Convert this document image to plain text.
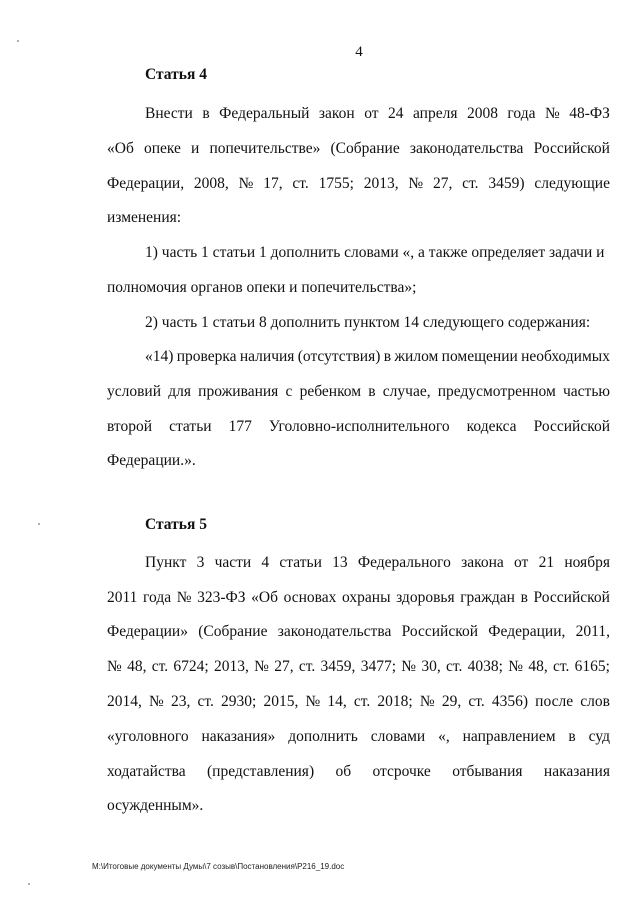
4
Статья 4
Внести в Федеральный закон от 24 апреля 2008 года № 48-ФЗ
«Об опеке и попечительстве» (Собрание законодательства Российской
Федерации, 2008, № 17, ст. 1755; 2013, № 27, ст. 3459) следующие
изменения:
1) часть 1 статьи 1 дополнить словами «, а также определяет задачи и
полномочия органов опеки и попечительства»;
2) часть 1 статьи 8 дополнить пунктом 14 следующего содержания:
«14) проверка наличия (отсутствия) в жилом помещении необходимых
условий для проживания с ребенком в случае, предусмотренном частью
второй статьи 177 Уголовно-исполнительного кодекса Российской
Федерации.».
Статья 5
Пункт 3 части 4 статьи 13 Федерального закона от 21 ноября
2011 года № 323-ФЗ «Об основах охраны здоровья граждан в Российской
Федерации» (Собрание законодательства Российской Федерации, 2011,
№ 48, ст. 6724; 2013, № 27, ст. 3459, 3477; № 30, ст. 4038; № 48, ст. 6165;
2014, № 23, ст. 2930; 2015, № 14, ст. 2018; № 29, ст. 4356) после слов
«уголовного наказания» дополнить словами «, направлением в суд
ходатайства (представления) об отсрочке отбывания наказания
осужденным».
M:\Итоговые документы Думы\7 созыв\Постановления\P216_19.doc
